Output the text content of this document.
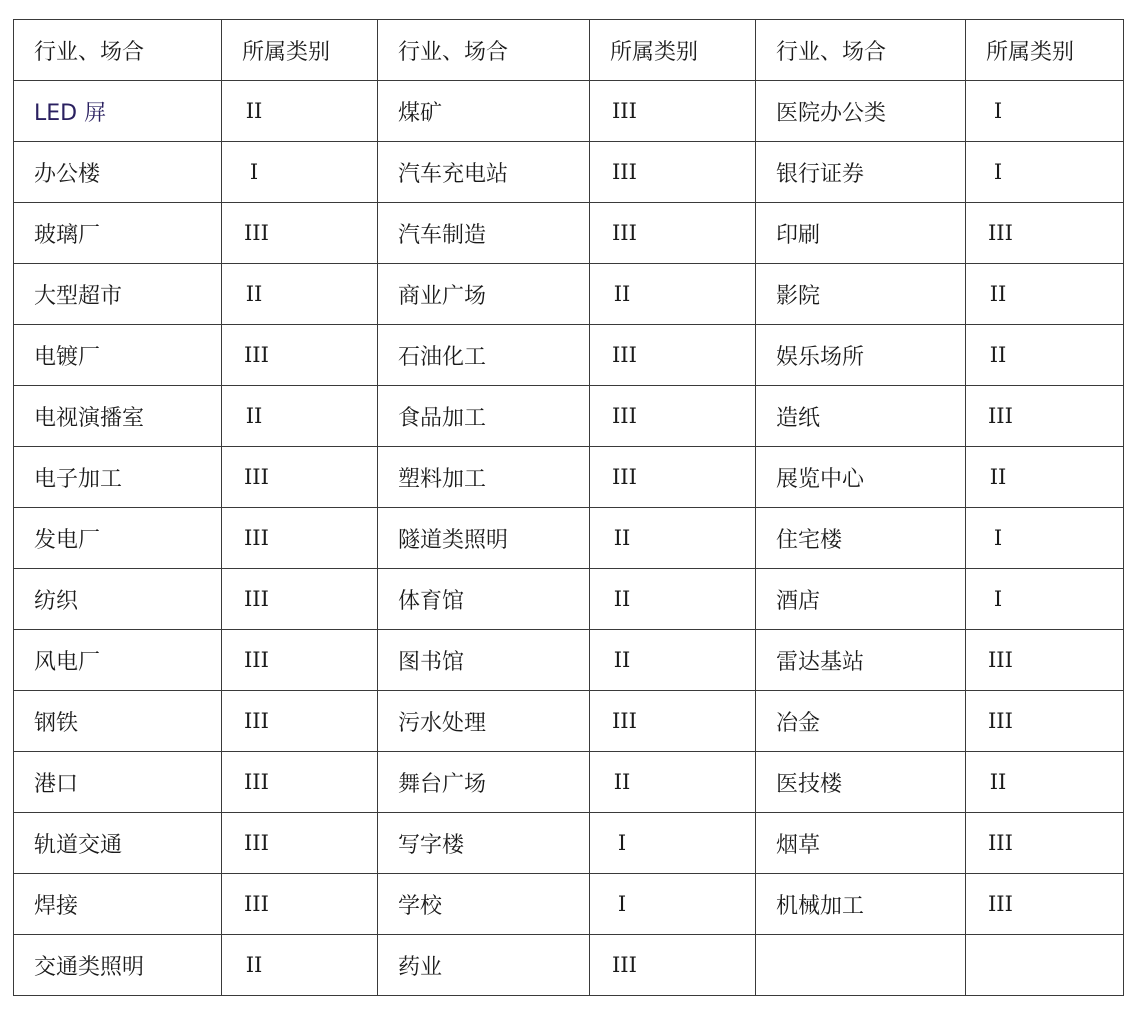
行业、场合	所属类别	行业、场合	所属类别	行业、场合	所属类别
LED 屏	II	煤矿	III	医院办公类	I
办公楼	I	汽车充电站	III	银行证券	I
玻璃厂	III	汽车制造	III	印刷	III
大型超市	II	商业广场	II	影院	II
电镀厂	III	石油化工	III	娱乐场所	II
电视演播室	II	食品加工	III	造纸	III
电子加工	III	塑料加工	III	展览中心	II
发电厂	III	隧道类照明	II	住宅楼	I
纺织	III	体育馆	II	酒店	I
风电厂	III	图书馆	II	雷达基站	III
钢铁	III	污水处理	III	冶金	III
港口	III	舞台广场	II	医技楼	II
轨道交通	III	写字楼	I	烟草	III
焊接	III	学校	I	机械加工	III
交通类照明	II	药业	III		
